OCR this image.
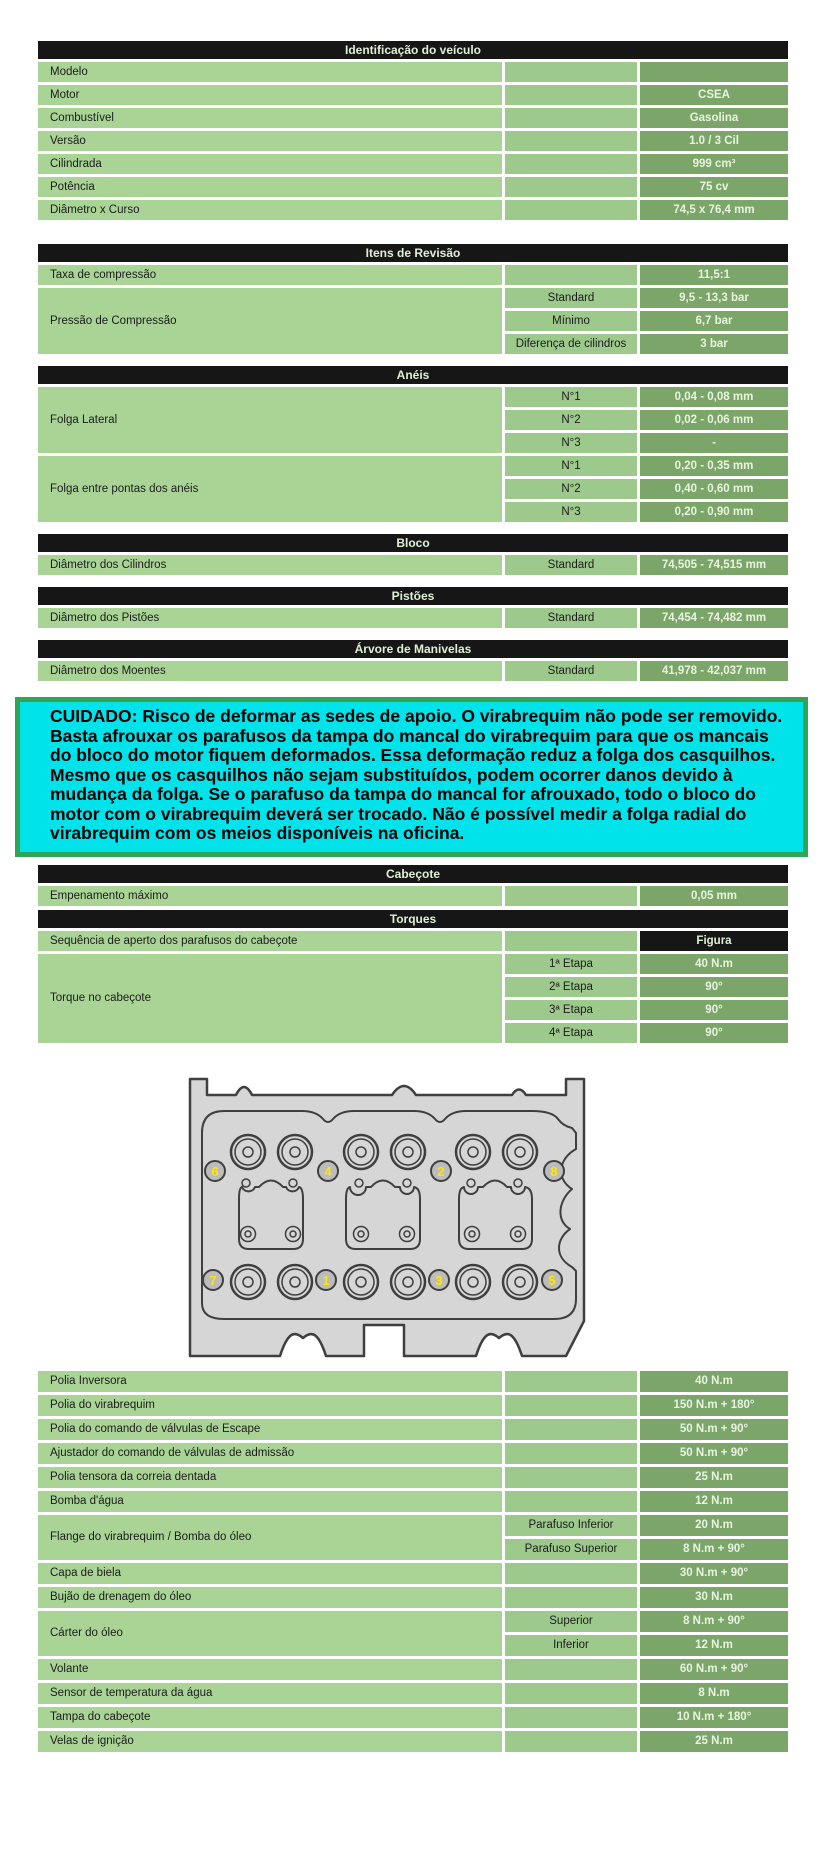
Identificação do veículo
Modelo
Motor	CSEA
Combustível	Gasolina
Versão	1.0 / 3 Cil
Cilindrada	999 cm³
Potência	75 cv
Diâmetro x Curso	74,5 x 76,4 mm
Itens de Revisão
Taxa de compressão	11,5:1
Pressão de Compressão
Standard	9,5 - 13,3 bar
Mínimo	6,7 bar
Diferença de cilindros	3 bar
Anéis
Folga Lateral
N°1	0,04 - 0,08 mm
N°2	0,02 - 0,06 mm
N°3	-
Folga entre pontas dos anéis
N°1	0,20 - 0,35 mm
N°2	0,40 - 0,60 mm
N°3	0,20 - 0,90 mm
Bloco
Diâmetro dos Cilindros	Standard	74,505 - 74,515 mm
Pistões
Diâmetro dos Pistões	Standard	74,454 - 74,482 mm
Árvore de Manivelas
Diâmetro dos Moentes	Standard	41,978 - 42,037 mm
CUIDADO: Risco de deformar as sedes de apoio. O virabrequim não pode ser removido. Basta afrouxar os parafusos da tampa do mancal do virabrequim para que os mancais do bloco do motor fiquem deformados. Essa deformação reduz a folga dos casquilhos. Mesmo que os casquilhos não sejam substituídos, podem ocorrer danos devido à mudança da folga. Se o parafuso da tampa do mancal for afrouxado, todo o bloco do motor com o virabrequim deverá ser trocado. Não é possível medir a folga radial do virabrequim com os meios disponíveis na oficina.
Cabeçote
Empenamento máximo	0,05 mm
Torques
Sequência de aperto dos parafusos do cabeçote	Figura
Torque no cabeçote
1ª Etapa	40 N.m
2ª Etapa	90°
3ª Etapa	90°
4ª Etapa	90°
6	4	2	8
7	1	3	5
Polia Inversora	40 N.m
Polia do virabrequim	150 N.m + 180°
Polia do comando de válvulas de Escape	50 N.m + 90°
Ajustador do comando de válvulas de admissão	50 N.m + 90°
Polia tensora da correia dentada	25 N.m
Bomba d'água	12 N.m
Flange do virabrequim / Bomba do óleo
Parafuso Inferior	20 N.m
Parafuso Superior	8 N.m + 90°
Capa de biela	30 N.m + 90°
Bujão de drenagem do óleo	30 N.m
Cárter do óleo
Superior	8 N.m + 90°
Inferior	12 N.m
Volante	60 N.m + 90°
Sensor de temperatura da água	8 N.m
Tampa do cabeçote	10 N.m + 180°
Velas de ignição	25 N.m
